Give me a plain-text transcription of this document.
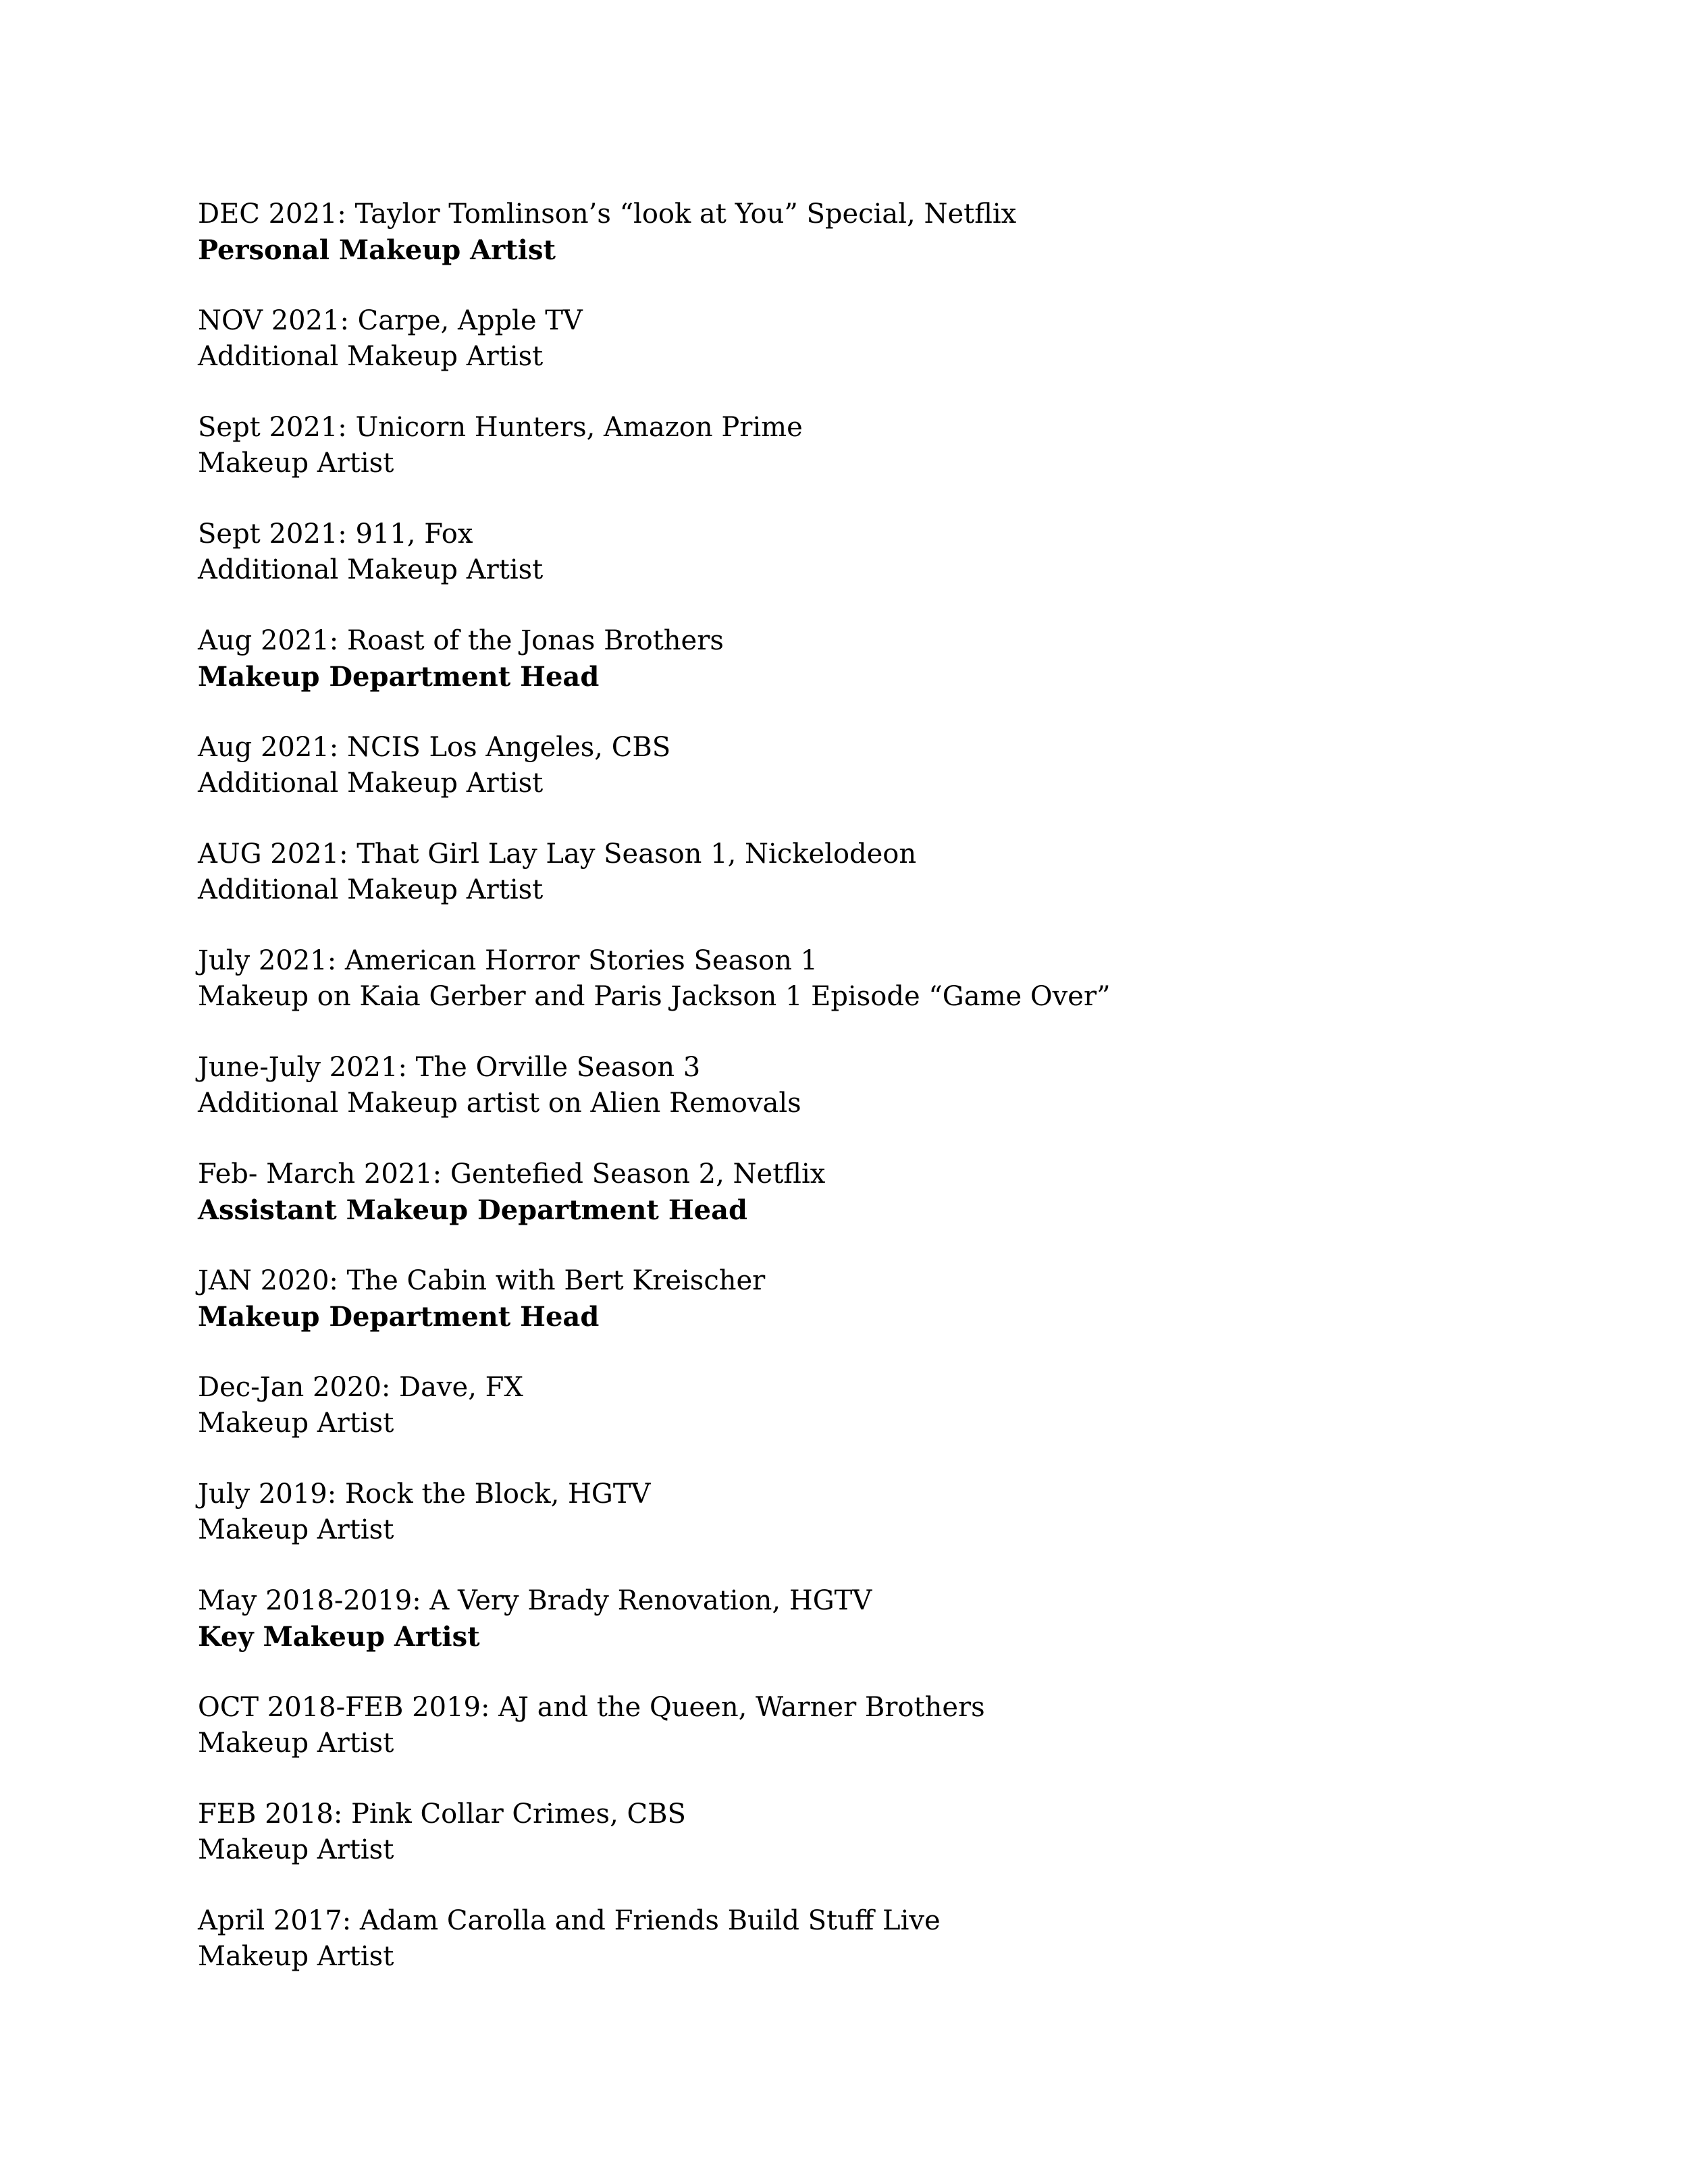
DEC 2021: Taylor Tomlinson’s “look at You” Special, Netflix
Personal Makeup Artist
NOV 2021: Carpe, Apple TV
Additional Makeup Artist
Sept 2021: Unicorn Hunters, Amazon Prime
Makeup Artist
Sept 2021: 911, Fox
Additional Makeup Artist
Aug 2021: Roast of the Jonas Brothers
Makeup Department Head
Aug 2021: NCIS Los Angeles, CBS
Additional Makeup Artist
AUG 2021: That Girl Lay Lay Season 1, Nickelodeon
Additional Makeup Artist
July 2021: American Horror Stories Season 1
Makeup on Kaia Gerber and Paris Jackson 1 Episode “Game Over”
June-July 2021: The Orville Season 3
Additional Makeup artist on Alien Removals
Feb- March 2021: Gentefied Season 2, Netflix
Assistant Makeup Department Head
JAN 2020: The Cabin with Bert Kreischer
Makeup Department Head
Dec-Jan 2020: Dave, FX
Makeup Artist
July 2019: Rock the Block, HGTV
Makeup Artist
May 2018-2019: A Very Brady Renovation, HGTV
Key Makeup Artist
OCT 2018-FEB 2019: AJ and the Queen, Warner Brothers
Makeup Artist
FEB 2018: Pink Collar Crimes, CBS
Makeup Artist
April 2017: Adam Carolla and Friends Build Stuff Live
Makeup Artist
